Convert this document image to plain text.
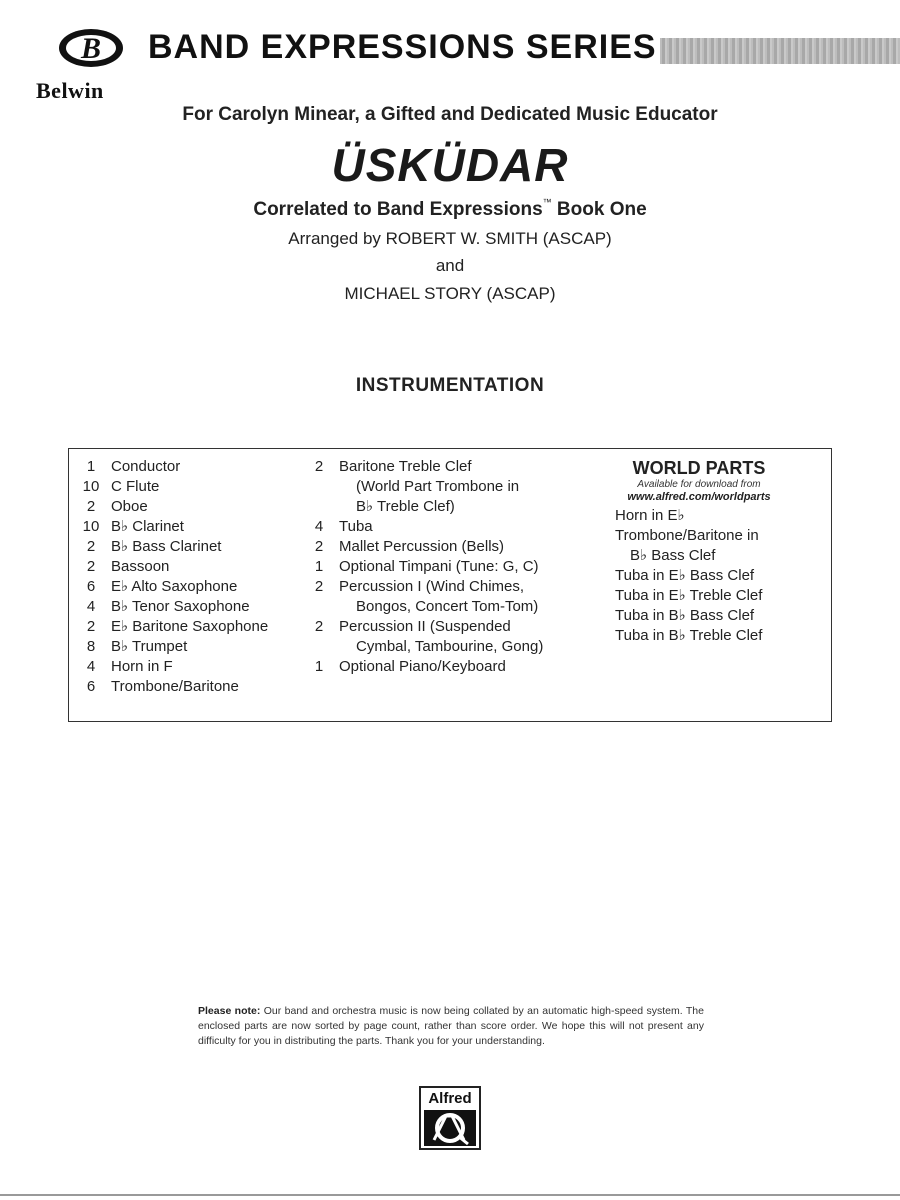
B
Belwin
BAND EXPRESSIONS SERIES
For Carolyn Minear, a Gifted and Dedicated Music Educator
ÜSKÜDAR
Correlated to Band Expressions™ Book One
Arranged by ROBERT W. SMITH (ASCAP)
and
MICHAEL STORY (ASCAP)
INSTRUMENTATION
1	Conductor
10 C Flute
2	Oboe
10 B♭ Clarinet
2	B♭ Bass Clarinet
2	Bassoon
6	E♭ Alto Saxophone
4	B♭ Tenor Saxophone
2	E♭ Baritone Saxophone
8	B♭ Trumpet
4	Horn in F
6	Trombone/Baritone
2	Baritone Treble Clef
(World Part Trombone in
B♭ Treble Clef)
4	Tuba
2	Mallet Percussion (Bells)
1	Optional Timpani (Tune: G, C)
2	Percussion I (Wind Chimes,
Bongos, Concert Tom-Tom)
2	Percussion II (Suspended
Cymbal, Tambourine, Gong)
1	Optional Piano/Keyboard
WORLD PARTS
Available for download from
www.alfred.com/worldparts
Horn in E♭
Trombone/Baritone in
B♭ Bass Clef
Tuba in E♭ Bass Clef
Tuba in E♭ Treble Clef
Tuba in B♭ Bass Clef
Tuba in B♭ Treble Clef
Please note: Our band and orchestra music is now being collated by an automatic high-speed system. The enclosed parts are now sorted by page count, rather than score order. We hope this will not present any difficulty for you in distributing the parts. Thank you for your understanding.
Alfred
